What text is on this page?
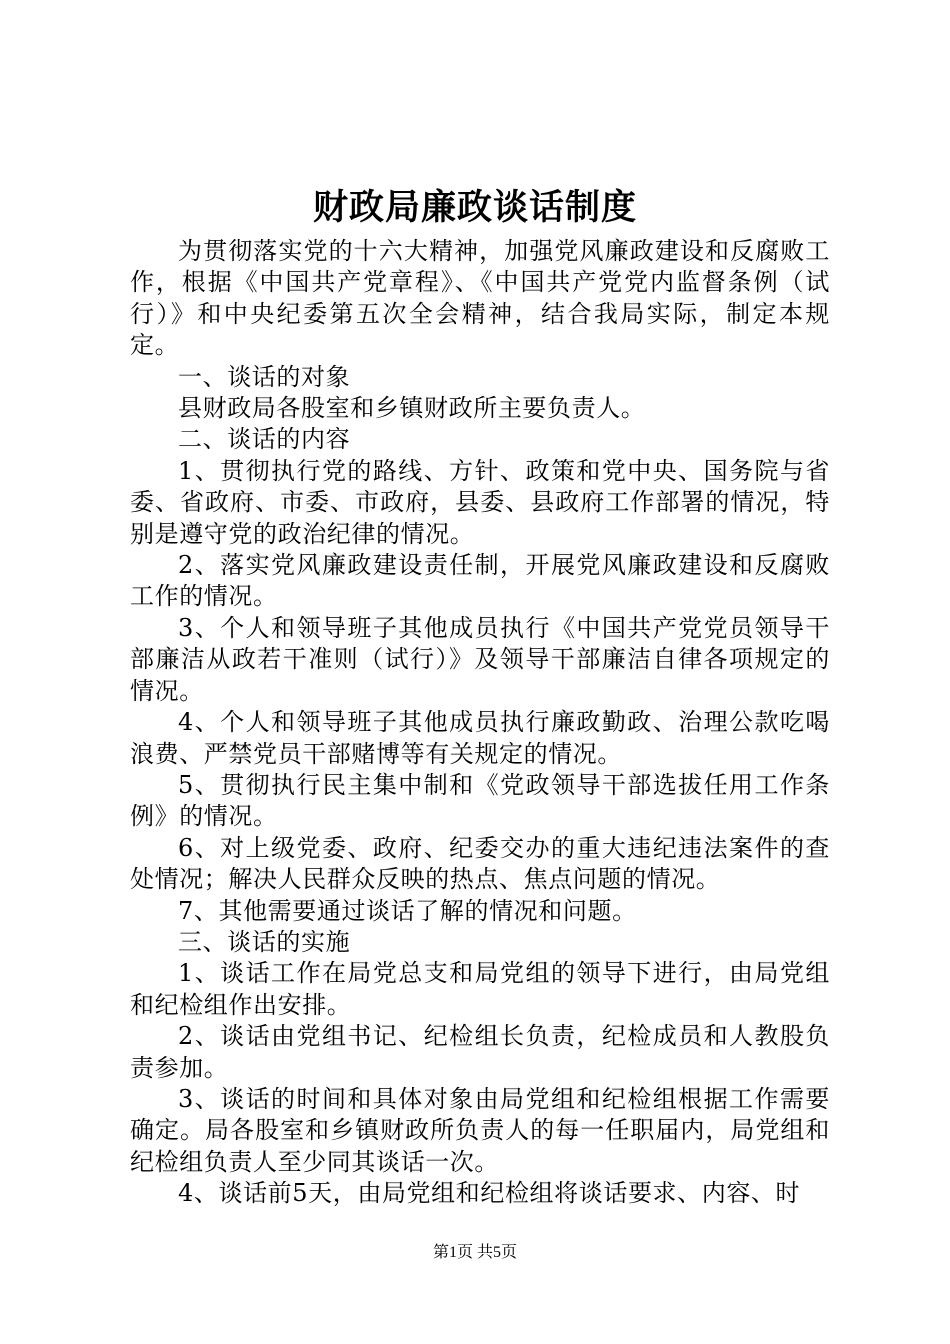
财政局廉政谈话制度

为贯彻落实党的十六大精神，加强党风廉政建设和反腐败工作，根据《中国共产党章程》、《中国共产党党内监督条例（试行）》和中央纪委第五次全会精神，结合我局实际，制定本规定。

一、谈话的对象

县财政局各股室和乡镇财政所主要负责人。

二、谈话的内容

1、贯彻执行党的路线、方针、政策和党中央、国务院与省委、省政府、市委、市政府，县委、县政府工作部署的情况，特别是遵守党的政治纪律的情况。

2、落实党风廉政建设责任制，开展党风廉政建设和反腐败工作的情况。

3、个人和领导班子其他成员执行《中国共产党党员领导干部廉洁从政若干准则（试行）》及领导干部廉洁自律各项规定的情况。

4、个人和领导班子其他成员执行廉政勤政、治理公款吃喝浪费、严禁党员干部赌博等有关规定的情况。

5、贯彻执行民主集中制和《党政领导干部选拔任用工作条例》的情况。

6、对上级党委、政府、纪委交办的重大违纪违法案件的查处情况；解决人民群众反映的热点、焦点问题的情况。

7、其他需要通过谈话了解的情况和问题。

三、谈话的实施

1、谈话工作在局党总支和局党组的领导下进行，由局党组和纪检组作出安排。

2、谈话由党组书记、纪检组长负责，纪检成员和人教股负责参加。

3、谈话的时间和具体对象由局党组和纪检组根据工作需要确定。局各股室和乡镇财政所负责人的每一任职届内，局党组和纪检组负责人至少同其谈话一次。

4、谈话前5天，由局党组和纪检组将谈话要求、内容、时

第1页 共5页
